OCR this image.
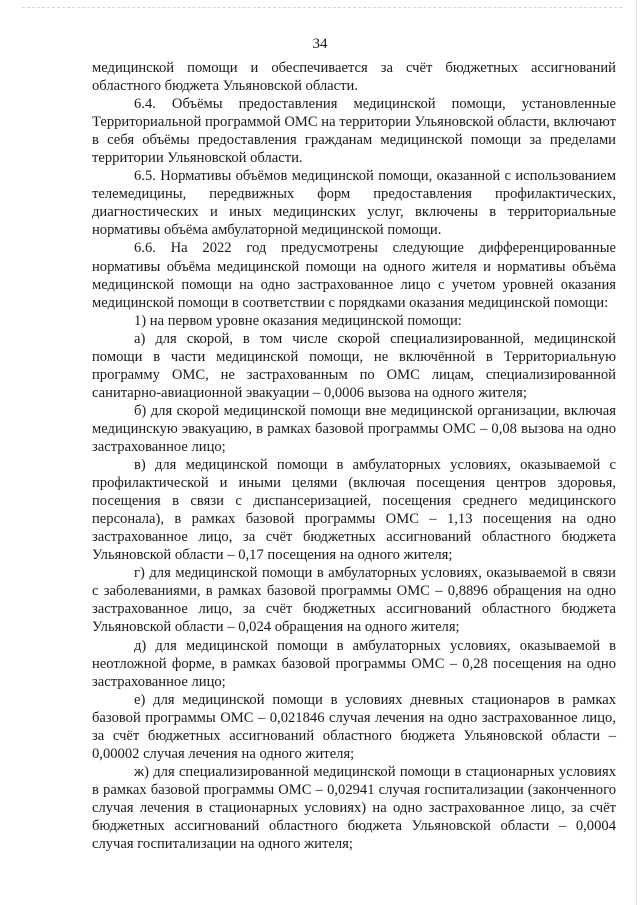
34

медицинской помощи и обеспечивается за счёт бюджетных ассигнований областного бюджета Ульяновской области.

6.4. Объёмы предоставления медицинской помощи, установленные Территориальной программой ОМС на территории Ульяновской области, включают в себя объёмы предоставления гражданам медицинской помощи за пределами территории Ульяновской области.

6.5. Нормативы объёмов медицинской помощи, оказанной с использованием телемедицины, передвижных форм предоставления профилактических, диагностических и иных медицинских услуг, включены в территориальные нормативы объёма амбулаторной медицинской помощи.

6.6. На 2022 год предусмотрены следующие дифференцированные нормативы объёма медицинской помощи на одного жителя и нормативы объёма медицинской помощи на одно застрахованное лицо с учетом уровней оказания медицинской помощи в соответствии с порядками оказания медицинской помощи:

1) на первом уровне оказания медицинской помощи:

а) для скорой, в том числе скорой специализированной, медицинской помощи в части медицинской помощи, не включённой в Территориальную программу ОМС, не застрахованным по ОМС лицам, специализированной санитарно-авиационной эвакуации – 0,0006 вызова на одного жителя;

б) для скорой медицинской помощи вне медицинской организации, включая медицинскую эвакуацию, в рамках базовой программы ОМС – 0,08 вызова на одно застрахованное лицо;

в) для медицинской помощи в амбулаторных условиях, оказываемой с профилактической и иными целями (включая посещения центров здоровья, посещения в связи с диспансеризацией, посещения среднего медицинского персонала), в рамках базовой программы ОМС – 1,13 посещения на одно застрахованное лицо, за счёт бюджетных ассигнований областного бюджета Ульяновской области – 0,17 посещения на одного жителя;

г) для медицинской помощи в амбулаторных условиях, оказываемой в связи с заболеваниями, в рамках базовой программы ОМС – 0,8896 обращения на одно застрахованное лицо, за счёт бюджетных ассигнований областного бюджета Ульяновской области – 0,024 обращения на одного жителя;

д) для медицинской помощи в амбулаторных условиях, оказываемой в неотложной форме, в рамках базовой программы ОМС – 0,28 посещения на одно застрахованное лицо;

е) для медицинской помощи в условиях дневных стационаров в рамках базовой программы ОМС – 0,021846 случая лечения на одно застрахованное лицо, за счёт бюджетных ассигнований областного бюджета Ульяновской области – 0,00002 случая лечения на одного жителя;

ж) для специализированной медицинской помощи в стационарных условиях в рамках базовой программы ОМС – 0,02941 случая госпитализации (законченного случая лечения в стационарных условиях) на одно застрахованное лицо, за счёт бюджетных ассигнований областного бюджета Ульяновской области – 0,0004 случая госпитализации на одного жителя;
